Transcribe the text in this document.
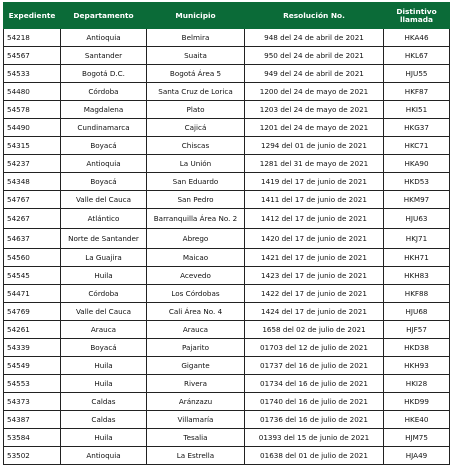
Expediente	Departamento	Municipio	Resolución No.	Distintivo llamada
54218	Antioquia	Belmira	948 del 24 de abril de 2021	HKA46
54567	Santander	Suaita	950 del 24 de abril de 2021	HKL67
54533	Bogotá D.C.	Bogotá Área 5	949 del 24 de abril de 2021	HJU55
54480	Córdoba	Santa Cruz de Lorica	1200 del 24 de mayo de 2021	HKF87
54578	Magdalena	Plato	1203 del 24 de mayo de 2021	HKI51
54490	Cundinamarca	Cajicá	1201 del 24 de mayo de 2021	HKG37
54315	Boyacá	Chiscas	1294 del 01 de junio de 2021	HKC71
54237	Antioquia	La Unión	1281 del 31 de mayo de 2021	HKA90
54348	Boyacá	San Eduardo	1419 del 17 de junio de 2021	HKD53
54767	Valle del Cauca	San Pedro	1411 del 17 de junio de 2021	HKM97
54267	Atlántico	Barranquilla Área No. 2	1412 del 17 de junio de 2021	HJU63
54637	Norte de Santander	Abrego	1420 del 17 de junio de 2021	HKJ71
54560	La Guajira	Maicao	1421 del 17 de junio de 2021	HKH71
54545	Huila	Acevedo	1423 del 17 de junio de 2021	HKH83
54471	Córdoba	Los Córdobas	1422 del 17 de junio de 2021	HKF88
54769	Valle del Cauca	Cali Área No. 4	1424 del 17 de junio de 2021	HJU68
54261	Arauca	Arauca	1658 del 02 de julio de 2021	HJF57
54339	Boyacá	Pajarito	01703 del 12 de julio de 2021	HKD38
54549	Huila	Gigante	01737 del 16 de julio de 2021	HKH93
54553	Huila	Rivera	01734 del 16 de julio de 2021	HKI28
54373	Caldas	Aránzazu	01740 del 16 de julio de 2021	HKD99
54387	Caldas	Villamaría	01736 del 16 de julio de 2021	HKE40
53584	Huila	Tesalia	01393 del 15 de junio de 2021	HJM75
53502	Antioquia	La Estrella	01638 del 01 de julio de 2021	HJA49
